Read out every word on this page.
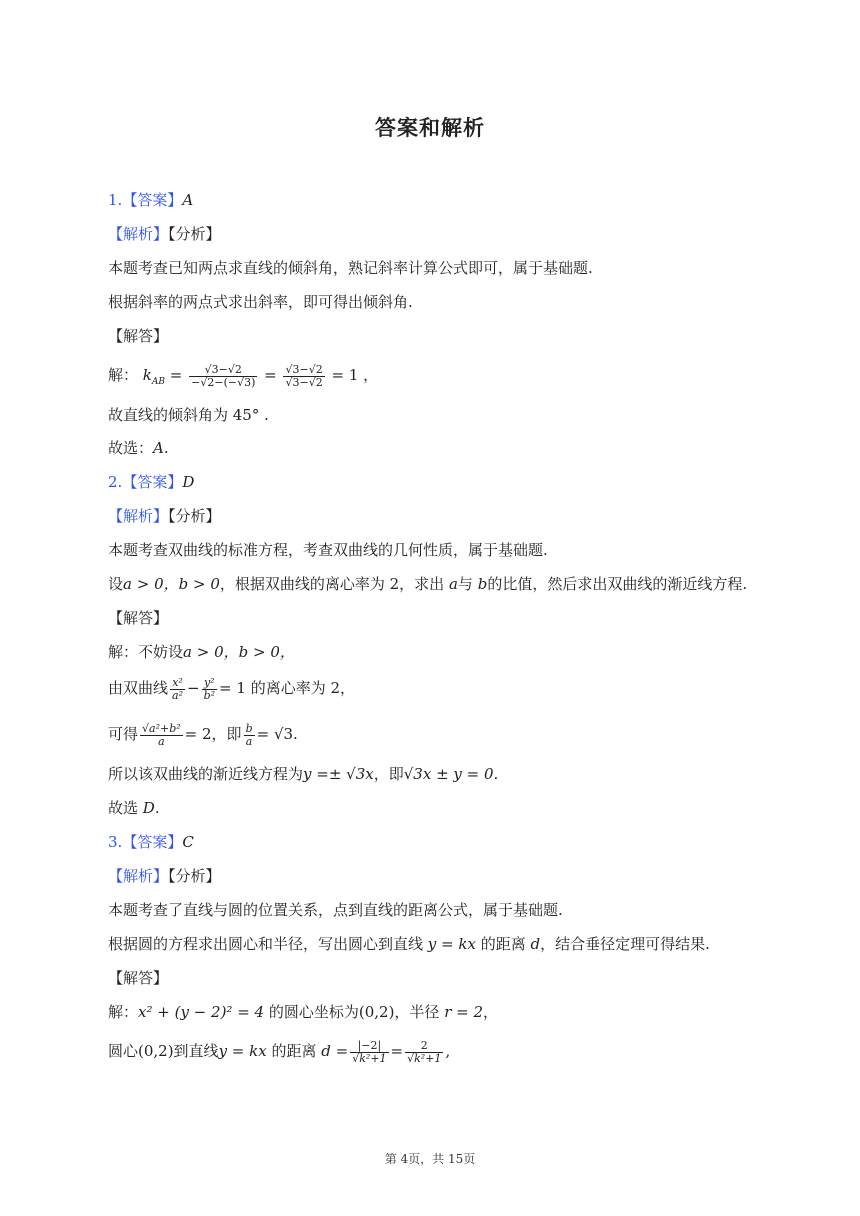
答案和解析
1.【答案】A
【解析】【分析】
本题考查已知两点求直线的倾斜角，熟记斜率计算公式即可，属于基础题.
根据斜率的两点式求出斜率，即可得出倾斜角.
【解答】
解： $k_{AB} = \frac{√3-√2}{-√2-(-√3)} = \frac{√3-√2}{√3-√2} = 1$ ，
故直线的倾斜角为 45° .
故选：A.
2.【答案】D
【解析】【分析】
本题考查双曲线的标准方程，考查双曲线的几何性质，属于基础题.
设a > 0，b > 0，根据双曲线的离心率为 2，求出 a与 b的比值，然后求出双曲线的渐近线方程.
【解答】
解：不妨设a > 0，b > 0，
由双曲线 $\frac{\text{x²}}{\text{a²}} - \frac{\text{y²}}{\text{b²}} = 1$ 的离心率为 2，
可得 $\frac{\text{√a²+b²}}{a} = 2$，即 $\frac{b}{a} = √3$.
所以该双曲线的渐近线方程为y =± √3x，即√3x ± y = 0.
故选 D.
3.【答案】C
【解析】【分析】
本题考查了直线与圆的位置关系，点到直线的距离公式，属于基础题.
根据圆的方程求出圆心和半径，写出圆心到直线 y = kx 的距离 d，结合垂径定理可得结果.
【解答】
解：x² + (y − 2)² = 4 的圆心坐标为(0,2)，半径 r = 2，
圆心(0,2)到直线y = kx 的距离 $d = \frac{|-2|}{\text{√k²+1}} = \frac{2}{\text{√k²+1}}$ ,
第 4页，共 15页
